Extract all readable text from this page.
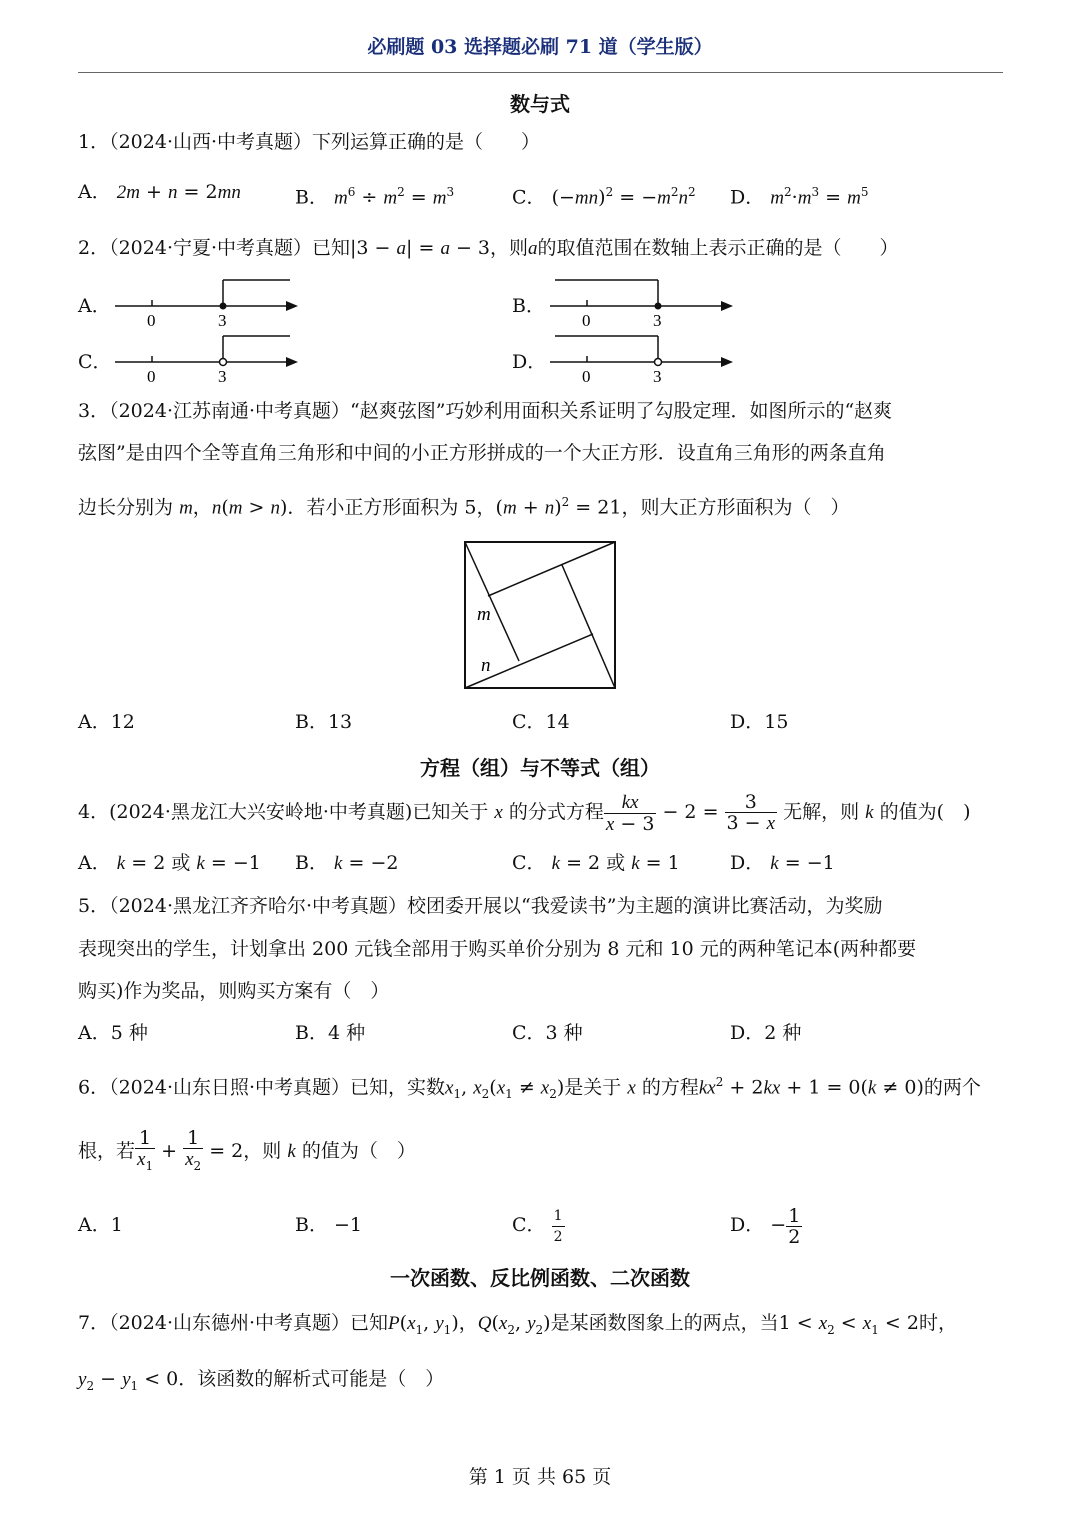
必刷题 03 选择题必刷 71 道（学生版）
数与式
1．（2024·山西·中考真题）下列运算正确的是（　　）
A． 2m + n = 2mn	B． $m^6 \div m^2 = m^3$	C． $(-mn)^2 = -m^2n^2$ D． $m^2\cdot m^3 = m^5$
2．（2024·宁夏·中考真题）已知|3 − a| = a − 3，则a的取值范围在数轴上表示正确的是（　　）
A．
0	3
B．
0	3
C．
0	3
D．
0	3
3．（2024·江苏南通·中考真题）“赵爽弦图”巧妙利用面积关系证明了勾股定理．如图所示的“赵爽
弦图”是由四个全等直角三角形和中间的小正方形拼成的一个大正方形．设直角三角形的两条直角
边长分别为 m，n(m > n)．若小正方形面积为 5，$(m + n)^2 = 21$，则大正方形面积为（　）
m
n
A．12	B．13	C．14	D．15
方程（组）与不等式（组）
4．(2024·黑龙江大兴安岭地·中考真题)已知关于 x 的分式方程 $\frac{kx}{x - 3} - 2 = \frac{3}{3 - x}$ 无解，则 k 的值为(　)
A． k = 2 或 k = −1 B． k = −2	C． k = 2 或 k = 1	D． k = −1
5．（2024·黑龙江齐齐哈尔·中考真题）校团委开展以“我爱读书”为主题的演讲比赛活动，为奖励
表现突出的学生，计划拿出 200 元钱全部用于购买单价分别为 8 元和 10 元的两种笔记本(两种都要
购买)作为奖品，则购买方案有（　）
A．5 种	B．4 种	C．3 种	D．2 种
6．（2024·山东日照·中考真题）已知，实数$x_1$, $x_2(x_1 \ne x_2)$是关于 x 的方程$kx^2 + 2kx + 1 = 0(k \ne 0)$的两个
根，若 $\frac{1}{x_1} + \frac{1}{x_2} = 2$，则 k 的值为（　）
A．1	B． −1	C． $\frac{1}{2}$	D． − $\frac{1}{2}$
一次函数、反比例函数、二次函数
7．（2024·山东德州·中考真题）已知$P(x_1$, $y_1$)，$Q(x_2$, $y_2$)是某函数图象上的两点，当$1 < x_2 < x_1 < 2$时，
$y_2 - y_1 < 0$．该函数的解析式可能是（　）
第 1 页 共 65 页
